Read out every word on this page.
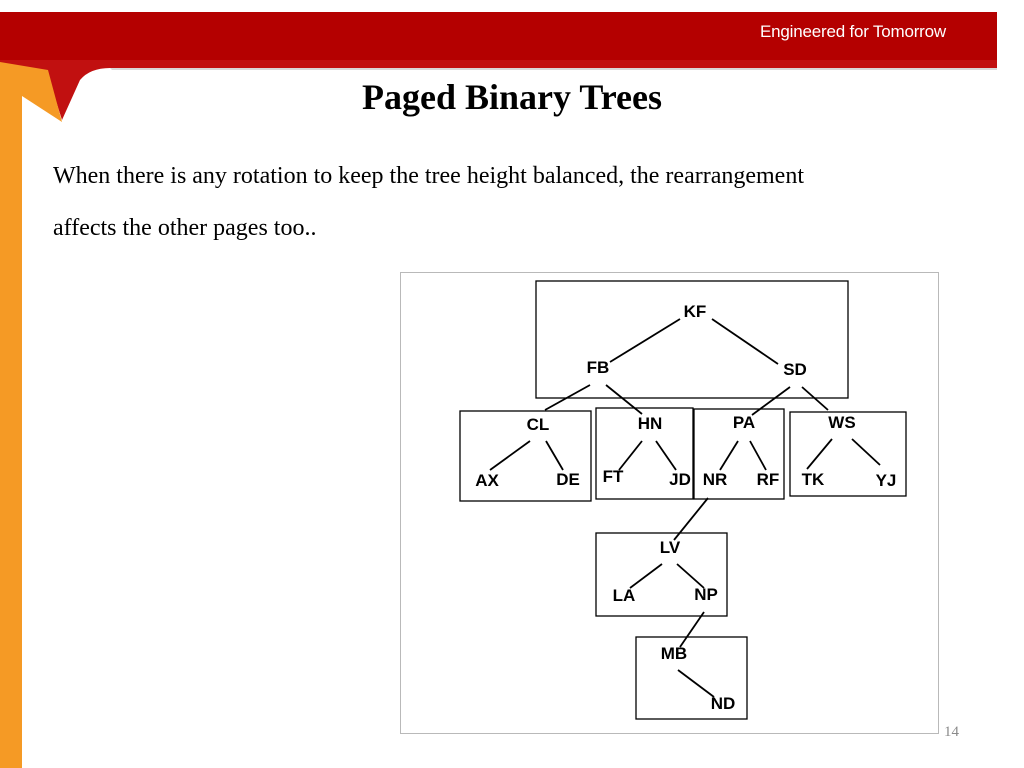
Engineered for Tomorrow
Paged Binary Trees
When there is any rotation to keep the tree height balanced, the rearrangement
affects the other pages too..
KF
FB	SD
CL
AX	DE
HN
FT	JD
PA
NR RF
WS
TK	YJ
LV
LA	NP
MB
ND
14
